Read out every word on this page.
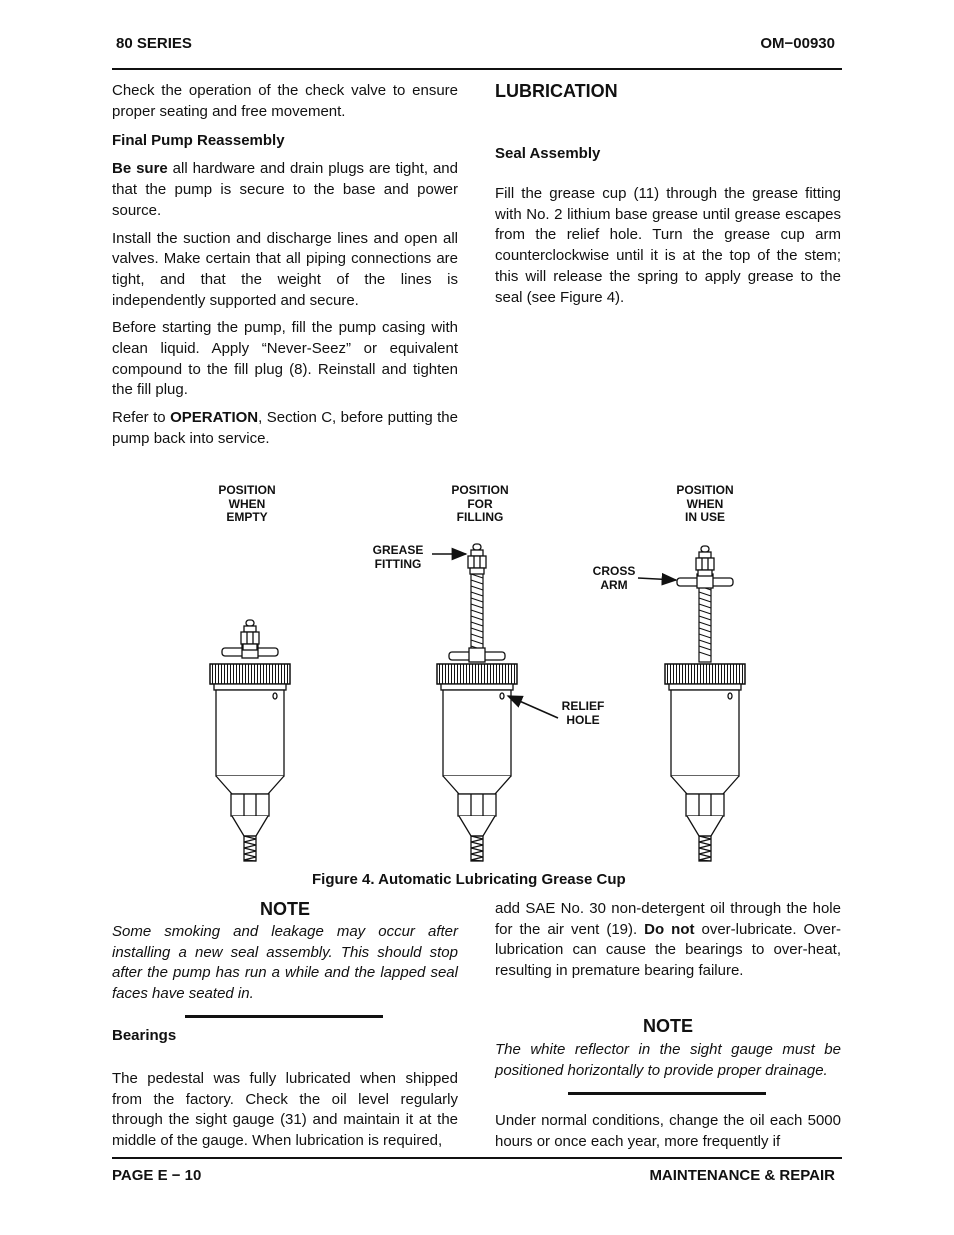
80 SERIES	OM−00930

Check the operation of the check valve to ensure proper seating and free movement.

Final Pump Reassembly

Be sure all hardware and drain plugs are tight, and that the pump is secure to the base and power source.

Install the suction and discharge lines and open all valves. Make certain that all piping connections are tight, and that the weight of the lines is independently supported and secure.

Before starting the pump, fill the pump casing with clean liquid. Apply “Never-Seez” or equivalent compound to the fill plug (8). Reinstall and tighten the fill plug.

Refer to OPERATION, Section C, before putting the pump back into service.

LUBRICATION
Seal Assembly

Fill the grease cup (11) through the grease fitting with No. 2 lithium base grease until grease escapes from the relief hole. Turn the grease cup arm counterclockwise until it is at the top of the stem; this will release the spring to apply grease to the seal (see Figure 4).

POSITION
WHEN
EMPTY
POSITION
FOR
FILLING
POSITION
WHEN
IN USE
GREASE
FITTING
CROSS
ARM
RELIEF
HOLE
Figure 4. Automatic Lubricating Grease Cup
NOTE

Some smoking and leakage may occur after installing a new seal assembly. This should stop after the pump has run a while and the lapped seal faces have seated in.

Bearings

The pedestal was fully lubricated when shipped from the factory. Check the oil level regularly through the sight gauge (31) and maintain it at the middle of the gauge. When lubrication is required,

add SAE No. 30 non-detergent oil through the hole for the air vent (19). Do not over-lubricate. Over-lubrication can cause the bearings to over-heat, resulting in premature bearing failure.

NOTE

The white reflector in the sight gauge must be positioned horizontally to provide proper drainage.

Under normal conditions, change the oil each 5000 hours or once each year, more frequently if

PAGE E − 10	MAINTENANCE & REPAIR
